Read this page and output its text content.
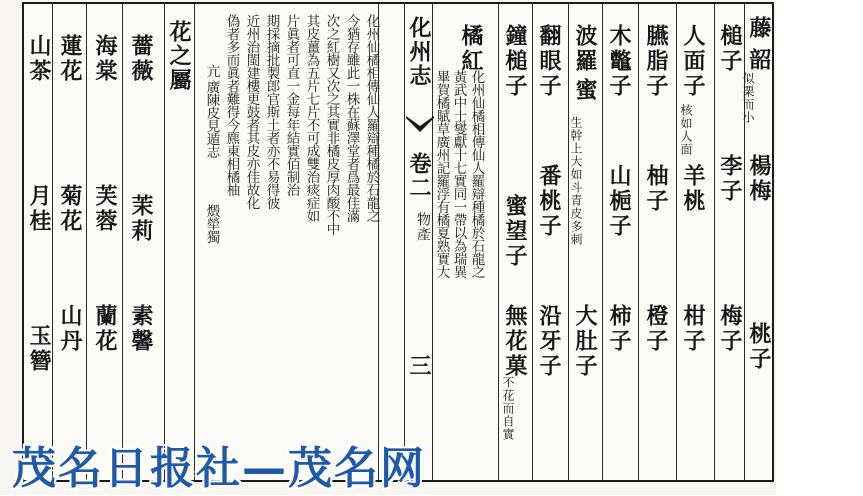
藤
韶
楊梅
桃子
槌子
似栗而小
李子
梅子
人面子
核如人面
羊桃
柑子
臙脂子
柚子
橙子
木鼈子
山梔子
柿子
波羅
蜜
生幹上大如斗青皮多刺
大肚子
翻眼子
番桃子
沿牙子
鐘槌子
蜜望子
無花菓
不花而自實
橘紅
化州仙橘相傳仙人羅辯種橘於石龍之
黃武中士燮獻十七實同一帶以為瑞異
畢賀橘賦草廣州記羅浮有橘夏熟實大
化州志
卷二
物產
三
化州仙橘相傳仙人羅辯種橘於石龍之
今猶存雖此一株在蘇澤堂者爲最佳滿
次之紅樹又次之其實非橘皮厚肉酸不中
其皮薑為五片七片不可成雙治痰症如
片眞者可直一金每年結實佰制治
期採摘批製郎官斯土者亦不易得彼
近州治閩建樓更鼓者其皮亦佳故化
偽者多而眞者難得今麃東相橘柚
亢
廣陳皮見遁志
燬犖獨
花之屬
薔薇
茉莉
素馨
海棠
芙蓉
蘭花
蓮花
菊花
山丹
山茶
月桂
玉簪
茂名日报社—茂名网
